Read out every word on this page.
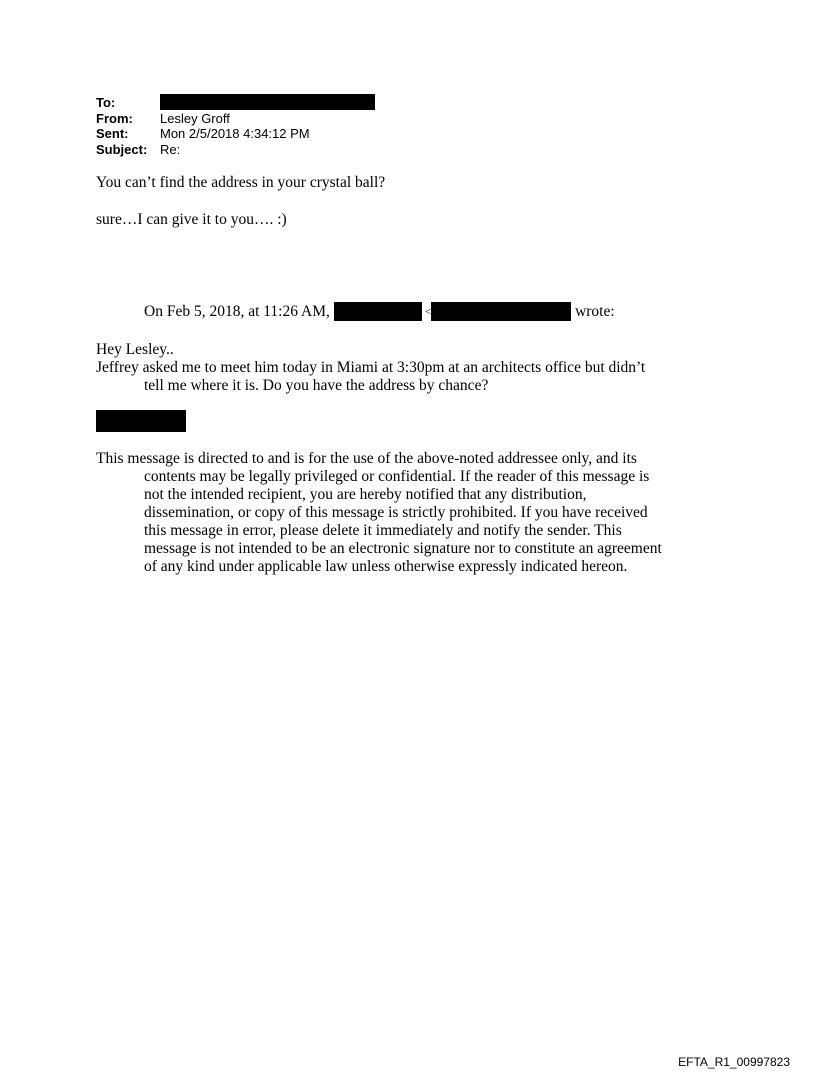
To:
From:	Lesley Groff
Sent:	Mon 2/5/2018 4:34:12 PM
Subject: Re:
You can’t find the address in your crystal ball?
sure…I can give it to you…. :)
On Feb 5, 2018, at 11:26 AM,	<	wrote:

Hey Lesley..

Jeffrey asked me to meet him today in Miami at 3:30pm at an architects office but didn’t tell me where it is. Do you have the address by chance?

This message is directed to and is for the use of the above-noted addressee only, and its contents may be legally privileged or confidential. If the reader of this message is not the intended recipient, you are hereby notified that any distribution, dissemination, or copy of this message is strictly prohibited. If you have received this message in error, please delete it immediately and notify the sender. This message is not intended to be an electronic signature nor to constitute an agreement of any kind under applicable law unless otherwise expressly indicated hereon.

EFTA_R1_00997823
